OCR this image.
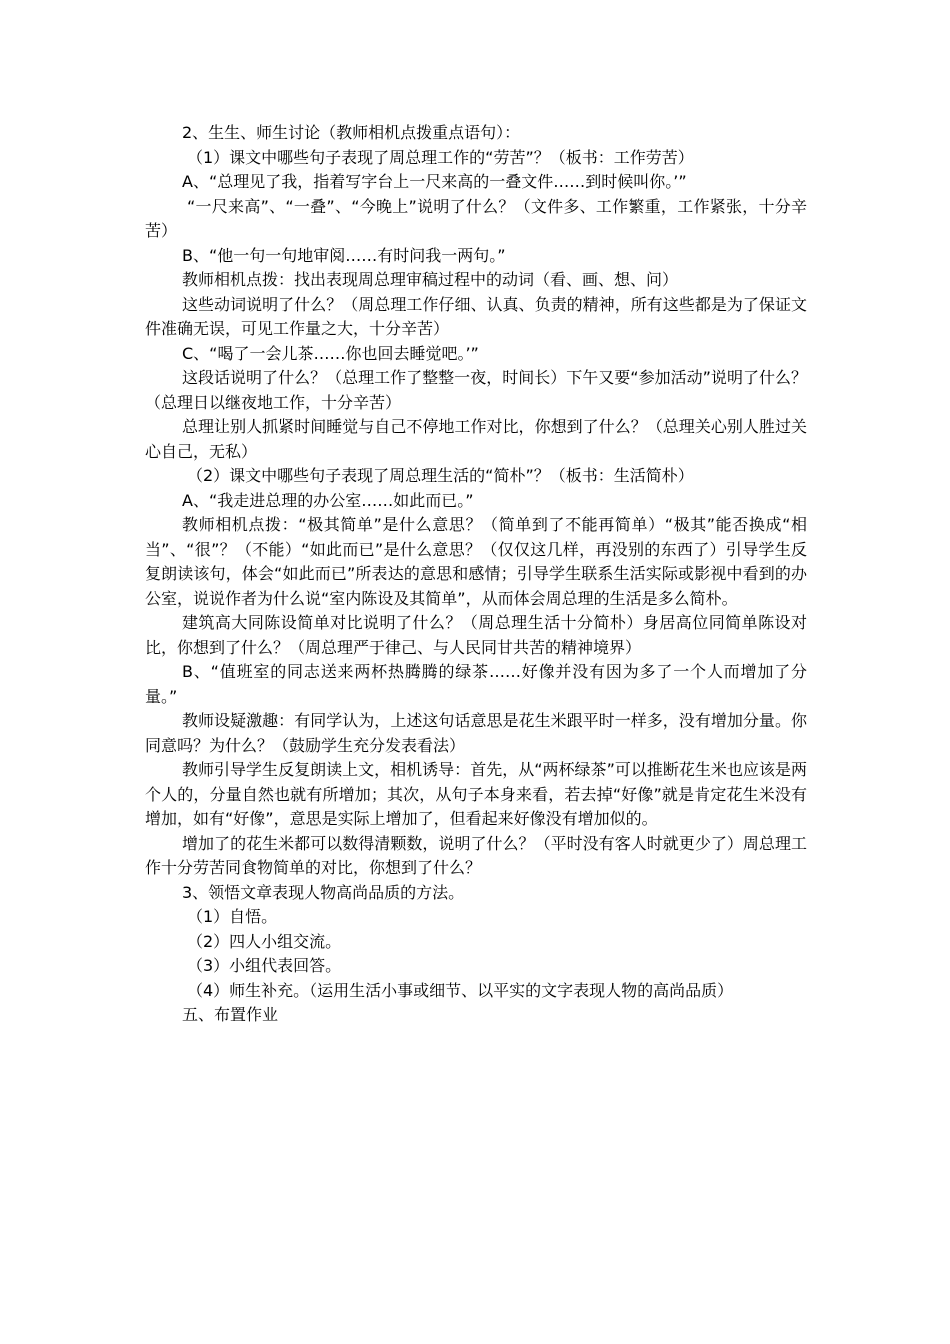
2、生生、师生讨论（教师相机点拨重点语句）：

（1）课文中哪些句子表现了周总理工作的“劳苦”？（板书：工作劳苦）

A、“总理见了我，指着写字台上一尺来高的一叠文件……到时候叫你。’”

“一尺来高”、“一叠”、“今晚上”说明了什么？（文件多、工作繁重，工作紧张，十分辛苦）

B、“他一句一句地审阅……有时问我一两句。”

教师相机点拨：找出表现周总理审稿过程中的动词（看、画、想、问）

这些动词说明了什么？（周总理工作仔细、认真、负责的精神，所有这些都是为了保证文件准确无误，可见工作量之大，十分辛苦）

C、“喝了一会儿茶……你也回去睡觉吧。’”

这段话说明了什么？（总理工作了整整一夜，时间长）下午又要“参加活动”说明了什么？（总理日以继夜地工作，十分辛苦）

总理让别人抓紧时间睡觉与自己不停地工作对比，你想到了什么？（总理关心别人胜过关心自己，无私）

（2）课文中哪些句子表现了周总理生活的“简朴”？（板书：生活简朴）

A、“我走进总理的办公室……如此而已。”

教师相机点拨：“极其简单”是什么意思？（简单到了不能再简单）“极其”能否换成“相当”、“很”？（不能）“如此而已”是什么意思？（仅仅这几样，再没别的东西了）引导学生反复朗读该句，体会“如此而已”所表达的意思和感情；引导学生联系生活实际或影视中看到的办公室，说说作者为什么说“室内陈设及其简单”，从而体会周总理的生活是多么简朴。

建筑高大同陈设简单对比说明了什么？（周总理生活十分简朴）身居高位同简单陈设对比，你想到了什么？（周总理严于律己、与人民同甘共苦的精神境界）

B、“值班室的同志送来两杯热腾腾的绿茶……好像并没有因为多了一个人而增加了分量。”

教师设疑激趣：有同学认为，上述这句话意思是花生米跟平时一样多，没有增加分量。你同意吗？为什么？（鼓励学生充分发表看法）

教师引导学生反复朗读上文，相机诱导：首先，从“两杯绿茶”可以推断花生米也应该是两个人的，分量自然也就有所增加；其次，从句子本身来看，若去掉“好像”就是肯定花生米没有增加，如有“好像”，意思是实际上增加了，但看起来好像没有增加似的。

增加了的花生米都可以数得清颗数，说明了什么？（平时没有客人时就更少了）周总理工作十分劳苦同食物简单的对比，你想到了什么？

3、领悟文章表现人物高尚品质的方法。

（1）自悟。

（2）四人小组交流。

（3）小组代表回答。

（4）师生补充。（运用生活小事或细节、以平实的文字表现人物的高尚品质）

五、布置作业
